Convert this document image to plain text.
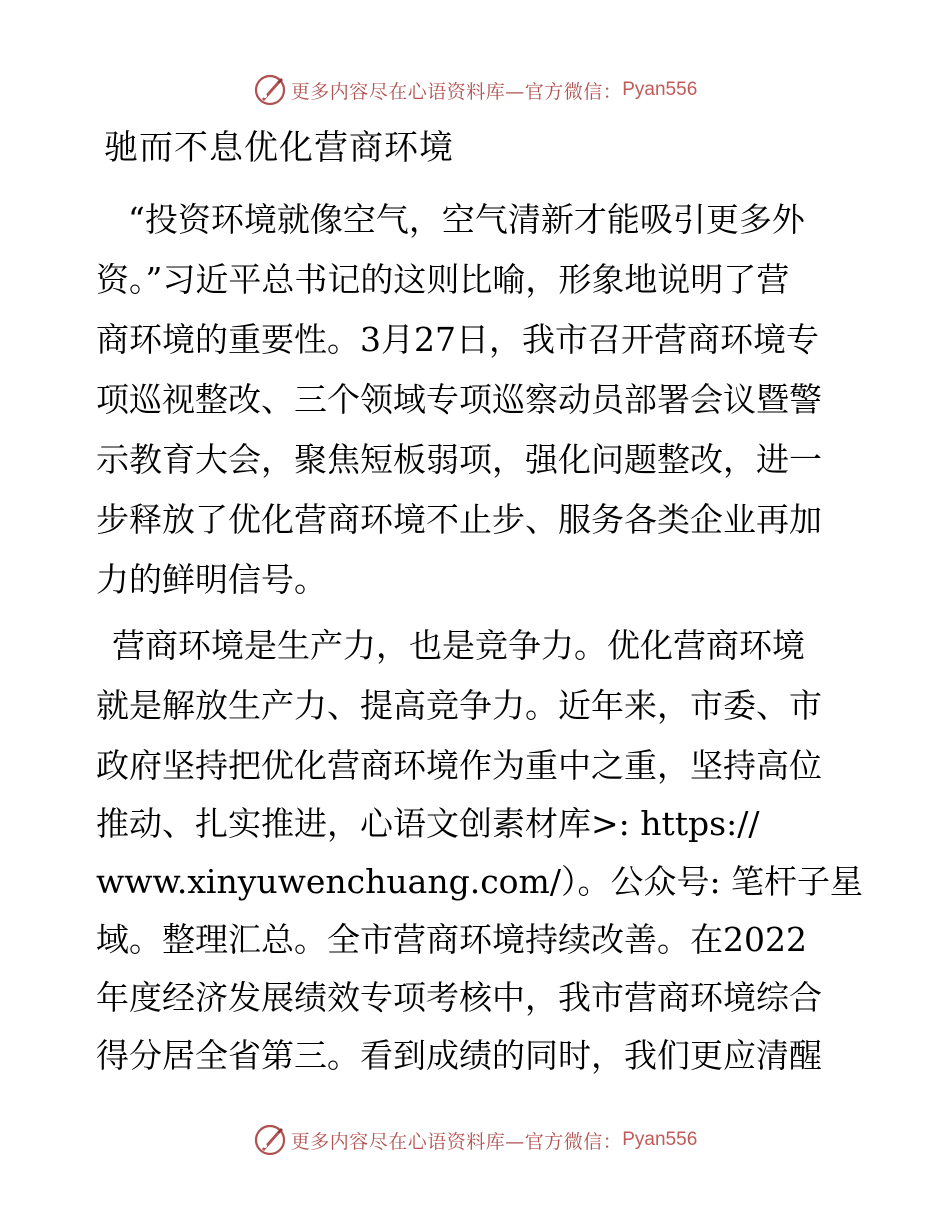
更多内容尽在心语资料库—官方微信： Pyan556
驰而不息优化营商环境
“投资环境就像空气，空气清新才能吸引更多外
资。”习近平总书记的这则比喻，形象地说明了营
商环境的重要性。3月27日，我市召开营商环境专
项巡视整改、三个领域专项巡察动员部署会议暨警
示教育大会，聚焦短板弱项，强化问题整改，进一
步释放了优化营商环境不止步、服务各类企业再加
力的鲜明信号。
营商环境是生产力，也是竞争力。优化营商环境
就是解放生产力、提高竞争力。近年来，市委、市
政府坚持把优化营商环境作为重中之重，坚持高位
推动、扎实推进，心语文创素材库>: https://
www.xinyuwenchuang.com/）。公众号: 笔杆子星
域。整理汇总。全市营商环境持续改善。在2022
年度经济发展绩效专项考核中，我市营商环境综合
得分居全省第三。看到成绩的同时，我们更应清醒
更多内容尽在心语资料库—官方微信： Pyan556
